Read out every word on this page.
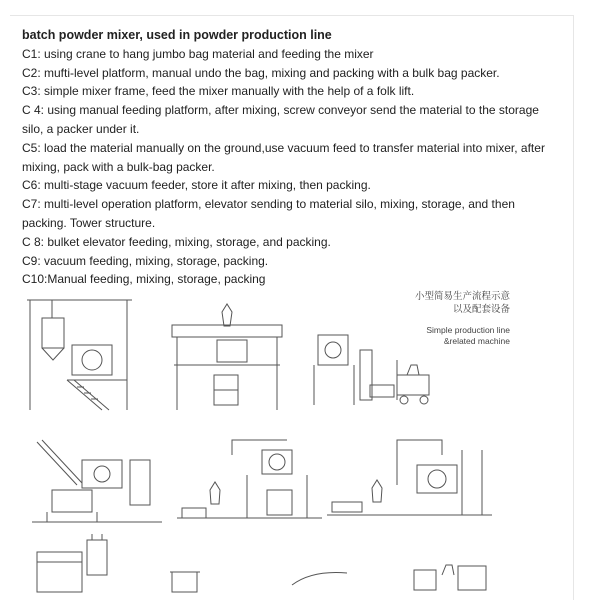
batch powder mixer, used in powder production line

C1: using crane to hang jumbo bag material and feeding the mixer

C2: mufti-level platform, manual undo the bag, mixing and packing with a bulk bag packer.

C3: simple mixer frame, feed the mixer manually with the help of a folk lift.

C 4: using manual feeding platform, after mixing, screw conveyor send the material to the storage silo, a packer under it.

C5: load the material manually on the ground,use vacuum feed to transfer material into mixer, after mixing, pack with a bulk-bag packer.

C6: multi-stage vacuum feeder, store it after mixing, then packing.

C7: multi-level operation platform, elevator sending to material silo, mixing, storage, and then packing. Tower structure.

C 8: bulket elevator feeding, mixing, storage, and packing.

C9: vacuum feeding, mixing, storage, packing.

C10:Manual feeding, mixing, storage, packing

小型简易生产流程示意
以及配套设备
Simple production line
&related machine
